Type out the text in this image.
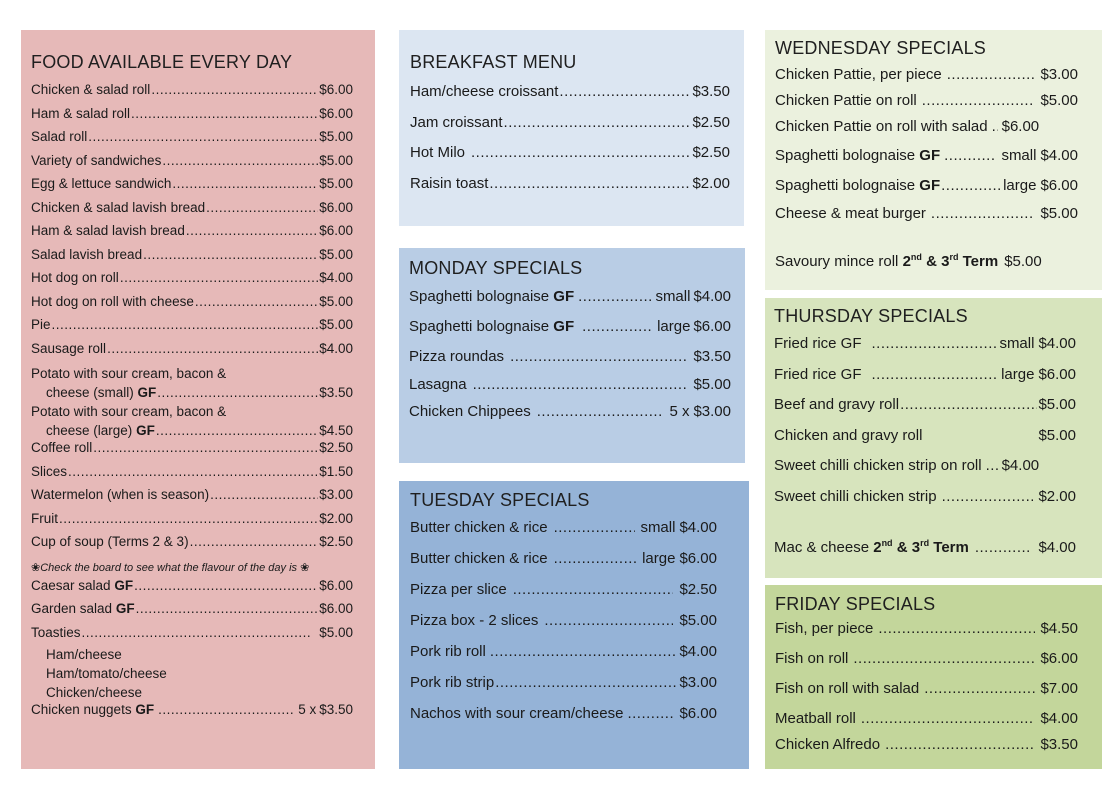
FOOD AVAILABLE EVERY DAY
Chicken & salad roll .....	$6.00
Ham & salad roll .....	$6.00
Salad roll .....	$5.00
Variety of sandwiches .....	$5.00
Egg & lettuce sandwich .....	$5.00
Chicken & salad lavish bread .....	$6.00
Ham & salad lavish bread .....	$6.00
Salad lavish bread .....	$5.00
Hot dog on roll .....	$4.00
Hot dog on roll with cheese .....	$5.00
Pie .....	$5.00
Sausage roll .....	$4.00
Potato with sour cream, bacon &
cheese (small) GF .....	$3.50
Potato with sour cream, bacon &
cheese (large) GF .....	$4.50
Coffee roll .....	$2.50
Slices .....	$1.50
Watermelon (when is season) .....	$3.00
Fruit .....	$2.00
Cup of soup (Terms 2 & 3) .....	$2.50
❀Check the board to see what the flavour of the day is ❀
Caesar salad GF .....	$6.00
Garden salad GF .....	$6.00
Toasties .....	$5.00
Ham/cheese
Ham/tomato/cheese
Chicken/cheese
Chicken nuggets GF .....	5 x $3.50
BREAKFAST MENU
Ham/cheese croissant .....	$3.50
Jam croissant .....	$2.50
Hot Milo .....	$2.50
Raisin toast .....	$2.00
MONDAY SPECIALS
Spaghetti bolognaise GF .....	small $4.00
Spaghetti bolognaise GF .....	large $6.00
Pizza roundas .....	$3.50
Lasagna .....	$5.00
Chicken Chippees .....	5 x $3.00
TUESDAY SPECIALS
Butter chicken & rice .....	small $4.00
Butter chicken & rice .....	large $6.00
Pizza per slice .....	$2.50
Pizza box - 2 slices .....	$5.00
Pork rib roll .....	$4.00
Pork rib strip .....	$3.00
Nachos with sour cream/cheese .....	$6.00
WEDNESDAY SPECIALS
Chicken Pattie, per piece .....	$3.00
Chicken Pattie on roll .....	$5.00
Chicken Pattie on roll with salad ..... $6.00
Spaghetti bolognaise GF .....	small $4.00
Spaghetti bolognaise GF .....	large $6.00
Cheese & meat burger .....	$5.00
Savoury mince roll 2nd & 3rd Term $5.00
THURSDAY SPECIALS
Fried rice GF .....	small $4.00
Fried rice GF .....	large $6.00
Beef and gravy roll .....	$5.00
Chicken and gravy roll	$5.00
Sweet chilli chicken strip on roll ..... $4.00
Sweet chilli chicken strip .....	$2.00
Mac & cheese 2nd & 3rd Term .....	$4.00
FRIDAY SPECIALS
Fish, per piece .....	$4.50
Fish on roll .....	$6.00
Fish on roll with salad .....	$7.00
Meatball roll .....	$4.00
Chicken Alfredo .....	$3.50
